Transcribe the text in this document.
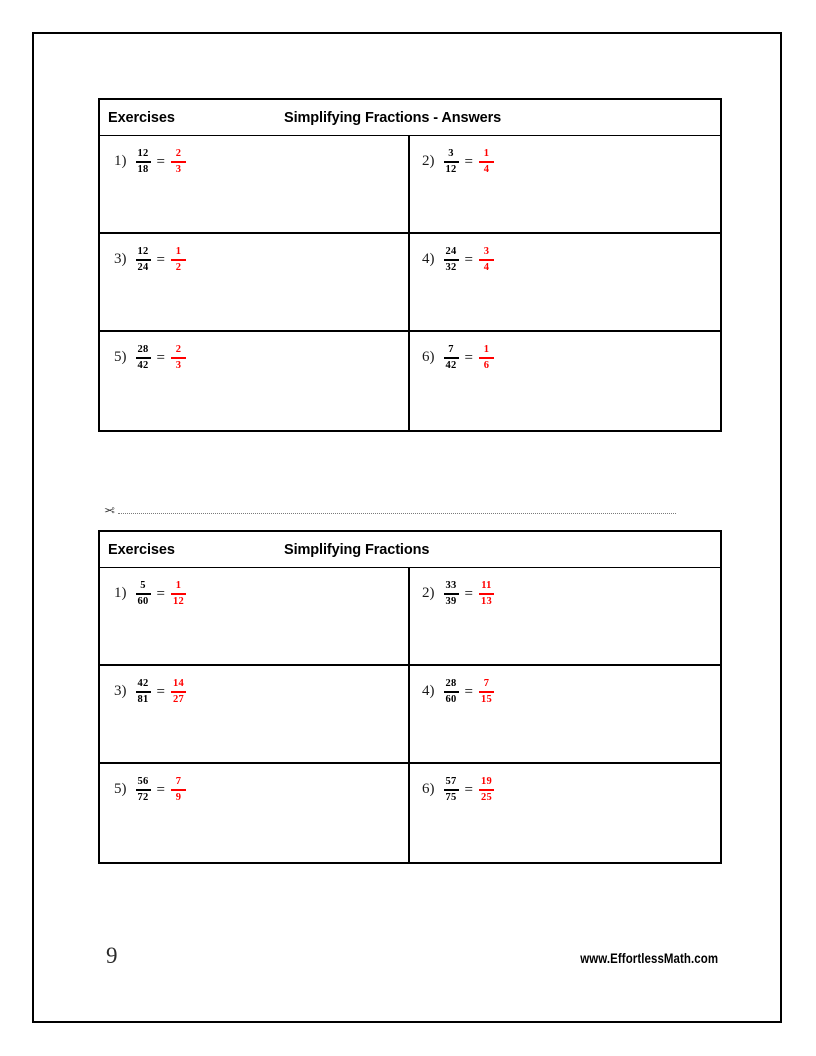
Exercises	Simplifying Fractions - Answers
$1) \frac{12}{18} = \frac{2}{3}$	$2) \frac{3}{12} = \frac{1}{4}$
$3) \frac{12}{24} = \frac{1}{2}$	$4) \frac{24}{32} = \frac{3}{4}$
$5) \frac{28}{42} = \frac{2}{3}$	$6) \frac{7}{42} = \frac{1}{6}$
✂
Exercises	Simplifying Fractions
$1) \frac{5}{60} = \frac{1}{12}$	$2) \frac{33}{39} = \frac{11}{13}$
$3) \frac{42}{81} = \frac{14}{27}$	$4) \frac{28}{60} = \frac{7}{15}$
$5) \frac{56}{72} = \frac{7}{9}$	$6) \frac{57}{75} = \frac{19}{25}$
9	www.EffortlessMath.com
